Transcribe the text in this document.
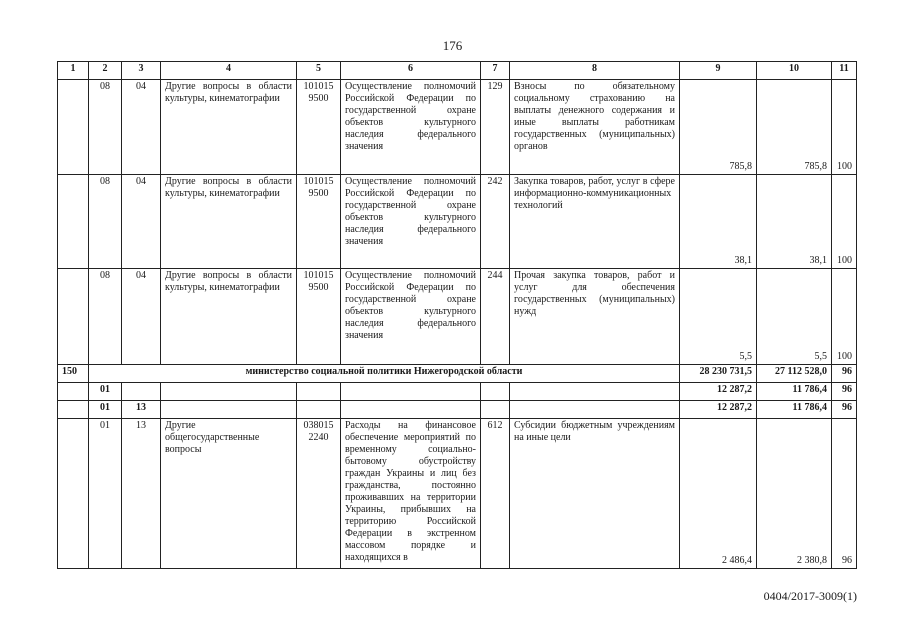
176
1	2	3	4	5	6	7	8	9	10	11
	08	04	Другие вопросы в области культуры, кинематографии	101015 9500	Осуществление полномочий Российской Федерации по государственной охране объектов культурного наследия федерального значения	129	Взносы по обязательному социальному страхованию на выплаты денежного содержания и иные выплаты работникам государственных (муниципальных) органов	785,8	785,8	100
	08	04	Другие вопросы в области культуры, кинематографии	101015 9500	Осуществление полномочий Российской Федерации по государственной охране объектов культурного наследия федерального значения	242	Закупка товаров, работ, услуг в сфере информационно-коммуникационных технологий	38,1	38,1	100
	08	04	Другие вопросы в области культуры, кинематографии	101015 9500	Осуществление полномочий Российской Федерации по государственной охране объектов культурного наследия федерального значения	244	Прочая закупка товаров, работ и услуг для обеспечения государственных (муниципальных) нужд	5,5	5,5	100
150	министерство социальной политики Нижегородской области							28 230 731,5	27 112 528,0	96
	01							12 287,2	11 786,4	96
	01	13						12 287,2	11 786,4	96
	01	13	Другие общегосударственные вопросы	038015 2240	Расходы на финансовое обеспечение мероприятий по временному социально-бытовому обустройству граждан Украины и лиц без гражданства, постоянно проживавших на территории Украины, прибывших на территорию Российской Федерации в экстренном массовом порядке и находящихся в	612	Субсидии бюджетным учреждениям на иные цели	2 486,4	2 380,8	96
0404/2017-3009(1)
